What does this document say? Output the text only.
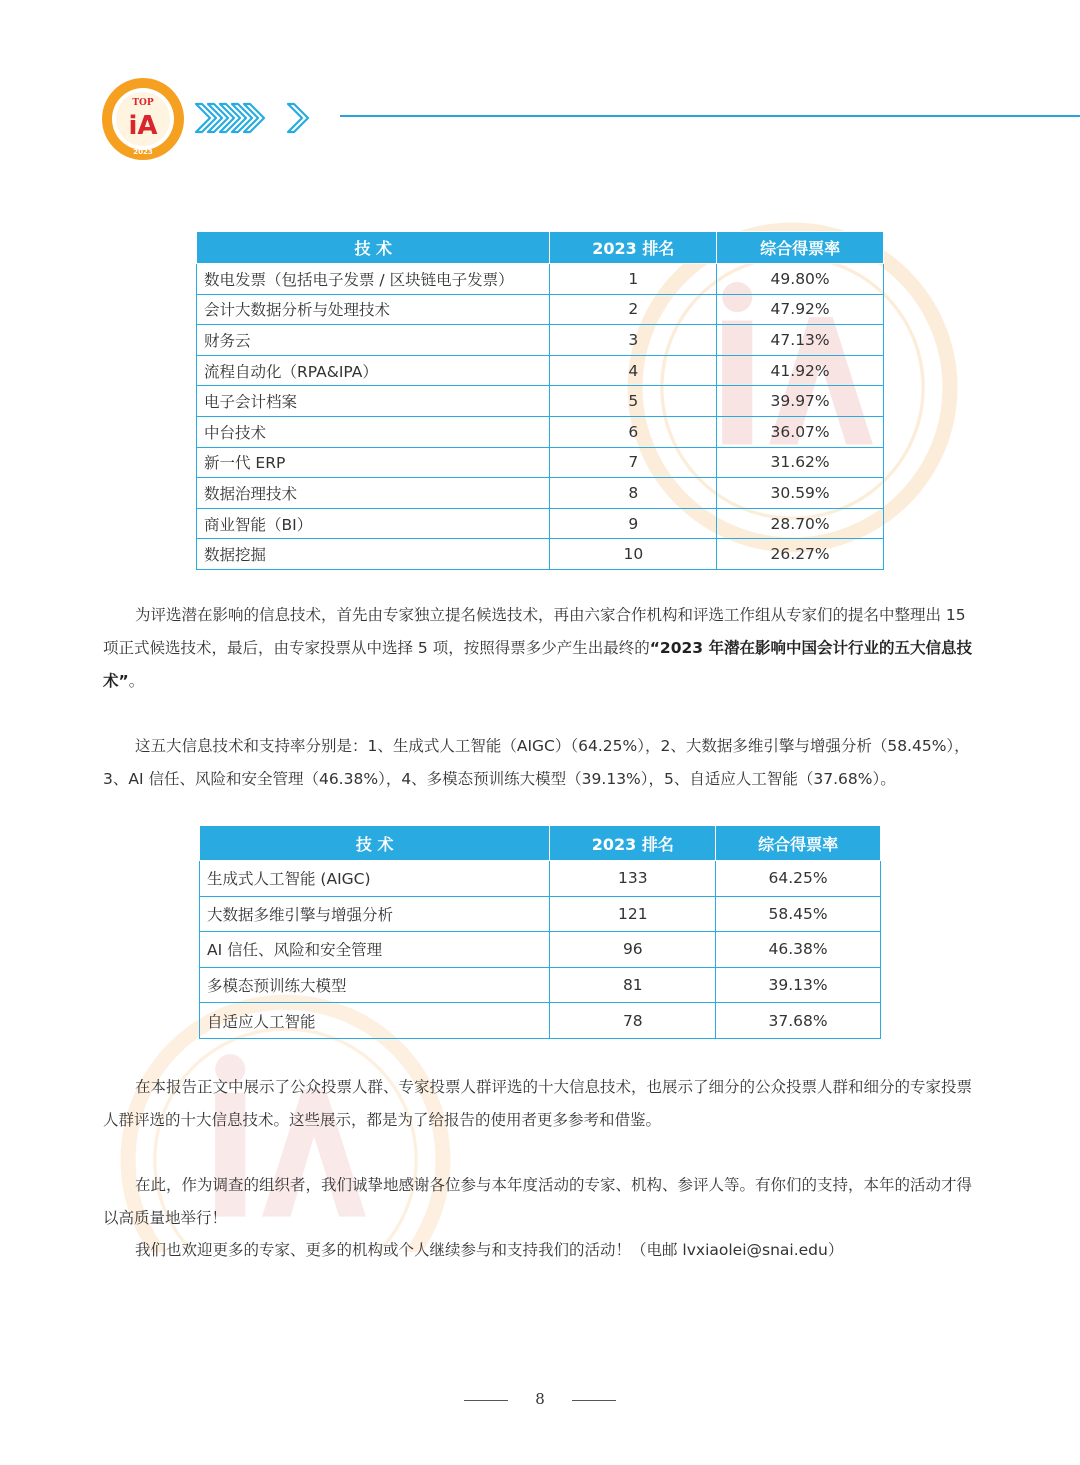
TOP
iA
2023
技 术	2023 排名	综合得票率
数电发票（包括电子发票 / 区块链电子发票）	1	49.80%
会计大数据分析与处理技术	2	47.92%
财务云	3	47.13%
流程自动化（RPA&IPA）	4	41.92%
电子会计档案	5	39.97%
中台技术	6	36.07%
新一代 ERP	7	31.62%
数据治理技术	8	30.59%
商业智能（BI）	9	28.70%
数据挖掘	10	26.27%

为评选潜在影响的信息技术，首先由专家独立提名候选技术，再由六家合作机构和评选工作组从专家们的提名中整理出 15 项正式候选技术，最后，由专家投票从中选择 5 项，按照得票多少产生出最终的“2023 年潜在影响中国会计行业的五大信息技术”。

这五大信息技术和支持率分别是：1、生成式人工智能（AIGC）（64.25%），2、大数据多维引擎与增强分析（58.45%），3、AI 信任、风险和安全管理（46.38%），4、多模态预训练大模型（39.13%），5、自适应人工智能（37.68%）。

技 术	2023 排名	综合得票率
生成式人工智能 (AIGC)	133	64.25%
大数据多维引擎与增强分析	121	58.45%
AI 信任、风险和安全管理	96	46.38%
多模态预训练大模型	81	39.13%
自适应人工智能	78	37.68%

在本报告正文中展示了公众投票人群、专家投票人群评选的十大信息技术，也展示了细分的公众投票人群和细分的专家投票人群评选的十大信息技术。这些展示，都是为了给报告的使用者更多参考和借鉴。

在此，作为调查的组织者，我们诚挚地感谢各位参与本年度活动的专家、机构、参评人等。有你们的支持，本年的活动才得以高质量地举行！

我们也欢迎更多的专家、更多的机构或个人继续参与和支持我们的活动！（电邮 lvxiaolei@snai.edu）

8
